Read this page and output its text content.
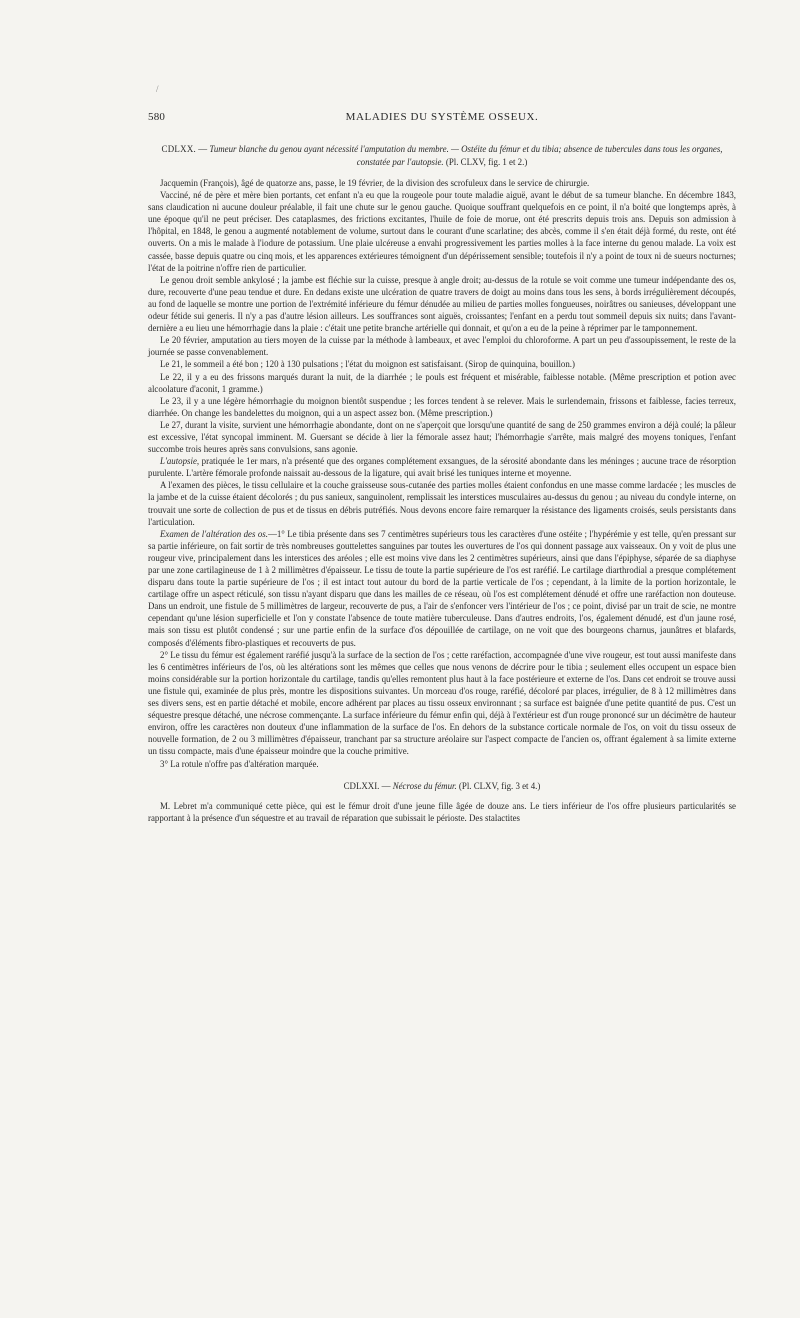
/
580	MALADIES DU SYSTÈME OSSEUX.
CDLXX. — Tumeur blanche du genou ayant nécessité l'amputation du membre. — Ostéite du fémur et du tibia; absence de tubercules dans tous les organes, constatée par l'autopsie. (Pl. CLXV, fig. 1 et 2.)

Jacquemin (François), âgé de quatorze ans, passe, le 19 février, de la division des scrofuleux dans le service de chirurgie.

Vacciné, né de père et mère bien portants, cet enfant n'a eu que la rougeole pour toute maladie aiguë, avant le début de sa tumeur blanche. En décembre 1843, sans claudication ni aucune douleur préalable, il fait une chute sur le genou gauche. Quoique souffrant quelquefois en ce point, il n'a boité que longtemps après, à une époque qu'il ne peut préciser. Des cataplasmes, des frictions excitantes, l'huile de foie de morue, ont été prescrits depuis trois ans. Depuis son admission à l'hôpital, en 1848, le genou a augmenté notablement de volume, surtout dans le courant d'une scarlatine; des abcès, comme il s'en était déjà formé, du reste, ont été ouverts. On a mis le malade à l'iodure de potassium. Une plaie ulcéreuse a envahi progressivement les parties molles à la face interne du genou malade. La voix est cassée, basse depuis quatre ou cinq mois, et les apparences extérieures témoignent d'un dépérissement sensible; toutefois il n'y a point de toux ni de sueurs nocturnes; l'état de la poitrine n'offre rien de particulier.

Le genou droit semble ankylosé ; la jambe est fléchie sur la cuisse, presque à angle droit; au-dessus de la rotule se voit comme une tumeur indépendante des os, dure, recouverte d'une peau tendue et dure. En dedans existe une ulcération de quatre travers de doigt au moins dans tous les sens, à bords irrégulièrement découpés, au fond de laquelle se montre une portion de l'extrémité inférieure du fémur dénudée au milieu de parties molles fongueuses, noirâtres ou sanieuses, développant une odeur fétide sui generis. Il n'y a pas d'autre lésion ailleurs. Les souffrances sont aiguës, croissantes; l'enfant en a perdu tout sommeil depuis six nuits; dans l'avant-dernière a eu lieu une hémorrhagie dans la plaie : c'était une petite branche artérielle qui donnait, et qu'on a eu de la peine à réprimer par le tamponnement.

Le 20 février, amputation au tiers moyen de la cuisse par la méthode à lambeaux, et avec l'emploi du chloroforme. A part un peu d'assoupissement, le reste de la journée se passe convenablement.

Le 21, le sommeil a été bon ; 120 à 130 pulsations ; l'état du moignon est satisfaisant. (Sirop de quinquina, bouillon.)

Le 22, il y a eu des frissons marqués durant la nuit, de la diarrhée ; le pouls est fréquent et misérable, faiblesse notable. (Même prescription et potion avec alcoolature d'aconit, 1 gramme.)

Le 23, il y a une légère hémorrhagie du moignon bientôt suspendue ; les forces tendent à se relever. Mais le surlendemain, frissons et faiblesse, facies terreux, diarrhée. On change les bandelettes du moignon, qui a un aspect assez bon. (Même prescription.)

Le 27, durant la visite, survient une hémorrhagie abondante, dont on ne s'aperçoit que lorsqu'une quantité de sang de 250 grammes environ a déjà coulé; la pâleur est excessive, l'état syncopal imminent. M. Guersant se décide à lier la fémorale assez haut; l'hémorrhagie s'arrête, mais malgré des moyens toniques, l'enfant succombe trois heures après sans convulsions, sans agonie.

L'autopsie, pratiquée le 1er mars, n'a présenté que des organes complétement exsangues, de la sérosité abondante dans les méninges ; aucune trace de résorption purulente. L'artère fémorale profonde naissait au-dessous de la ligature, qui avait brisé les tuniques interne et moyenne.

A l'examen des pièces, le tissu cellulaire et la couche graisseuse sous-cutanée des parties molles étaient confondus en une masse comme lardacée ; les muscles de la jambe et de la cuisse étaient décolorés ; du pus sanieux, sanguinolent, remplissait les interstices musculaires au-dessus du genou ; au niveau du condyle interne, on trouvait une sorte de collection de pus et de tissus en débris putréfiés. Nous devons encore faire remarquer la résistance des ligaments croisés, seuls persistants dans l'articulation.

Examen de l'altération des os.—1° Le tibia présente dans ses 7 centimètres supérieurs tous les caractères d'une ostéite ; l'hypérémie y est telle, qu'en pressant sur sa partie inférieure, on fait sortir de très nombreuses gouttelettes sanguines par toutes les ouvertures de l'os qui donnent passage aux vaisseaux. On y voit de plus une rougeur vive, principalement dans les interstices des aréoles ; elle est moins vive dans les 2 centimètres supérieurs, ainsi que dans l'épiphyse, séparée de sa diaphyse par une zone cartilagineuse de 1 à 2 millimètres d'épaisseur. Le tissu de toute la partie supérieure de l'os est raréfié. Le cartilage diarthrodial a presque complétement disparu dans toute la partie supérieure de l'os ; il est intact tout autour du bord de la partie verticale de l'os ; cependant, à la limite de la portion horizontale, le cartilage offre un aspect réticulé, son tissu n'ayant disparu que dans les mailles de ce réseau, où l'os est complétement dénudé et offre une raréfaction non douteuse. Dans un endroit, une fistule de 5 millimètres de largeur, recouverte de pus, a l'air de s'enfoncer vers l'intérieur de l'os ; ce point, divisé par un trait de scie, ne montre cependant qu'une lésion superficielle et l'on y constate l'absence de toute matière tuberculeuse. Dans d'autres endroits, l'os, également dénudé, est d'un jaune rosé, mais son tissu est plutôt condensé ; sur une partie enfin de la surface d'os dépouillée de cartilage, on ne voit que des bourgeons charnus, jaunâtres et blafards, composés d'éléments fibro-plastiques et recouverts de pus.

2° Le tissu du fémur est également raréfié jusqu'à la surface de la section de l'os ; cette raréfaction, accompagnée d'une vive rougeur, est tout aussi manifeste dans les 6 centimètres inférieurs de l'os, où les altérations sont les mêmes que celles que nous venons de décrire pour le tibia ; seulement elles occupent un espace bien moins considérable sur la portion horizontale du cartilage, tandis qu'elles remontent plus haut à la face postérieure et externe de l'os. Dans cet endroit se trouve aussi une fistule qui, examinée de plus près, montre les dispositions suivantes. Un morceau d'os rouge, raréfié, décoloré par places, irrégulier, de 8 à 12 millimètres dans ses divers sens, est en partie détaché et mobile, encore adhérent par places au tissu osseux environnant ; sa surface est baignée d'une petite quantité de pus. C'est un séquestre presque détaché, une nécrose commençante. La surface inférieure du fémur enfin qui, déjà à l'extérieur est d'un rouge prononcé sur un décimètre de hauteur environ, offre les caractères non douteux d'une inflammation de la surface de l'os. En dehors de la substance corticale normale de l'os, on voit du tissu osseux de nouvelle formation, de 2 ou 3 millimètres d'épaisseur, tranchant par sa structure aréolaire sur l'aspect compacte de l'ancien os, offrant également à sa limite externe un tissu compacte, mais d'une épaisseur moindre que la couche primitive.

3° La rotule n'offre pas d'altération marquée.

CDLXXI. — Nécrose du fémur. (Pl. CLXV, fig. 3 et 4.)

M. Lebret m'a communiqué cette pièce, qui est le fémur droit d'une jeune fille âgée de douze ans. Le tiers inférieur de l'os offre plusieurs particularités se rapportant à la présence d'un séquestre et au travail de réparation que subissait le périoste. Des stalactites
